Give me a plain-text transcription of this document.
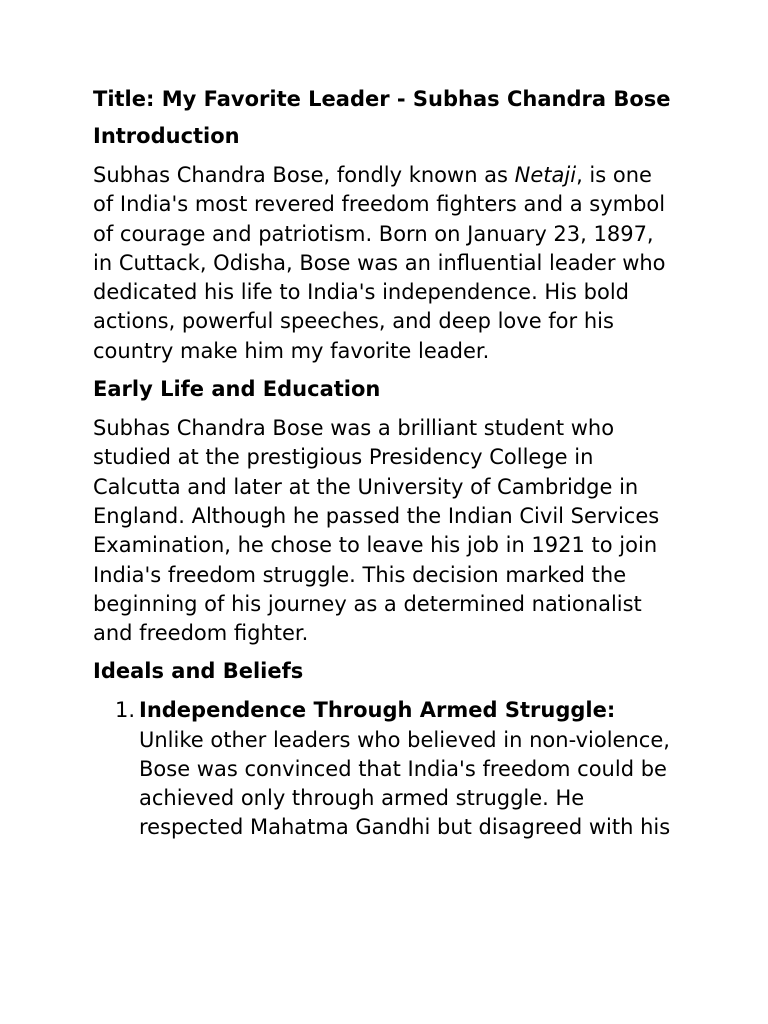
Title: My Favorite Leader - Subhas Chandra Bose
Introduction

Subhas Chandra Bose, fondly known as Netaji, is one of India's most revered freedom fighters and a symbol of courage and patriotism. Born on January 23, 1897, in Cuttack, Odisha, Bose was an influential leader who dedicated his life to India's independence. His bold actions, powerful speeches, and deep love for his country make him my favorite leader.

Early Life and Education

Subhas Chandra Bose was a brilliant student who studied at the prestigious Presidency College in Calcutta and later at the University of Cambridge in England. Although he passed the Indian Civil Services Examination, he chose to leave his job in 1921 to join India's freedom struggle. This decision marked the beginning of his journey as a determined nationalist and freedom fighter.

Ideals and Beliefs
1. Independence Through Armed Struggle: Unlike other leaders who believed in non-violence, Bose was convinced that India's freedom could be achieved only through armed struggle. He respected Mahatma Gandhi but disagreed with his
